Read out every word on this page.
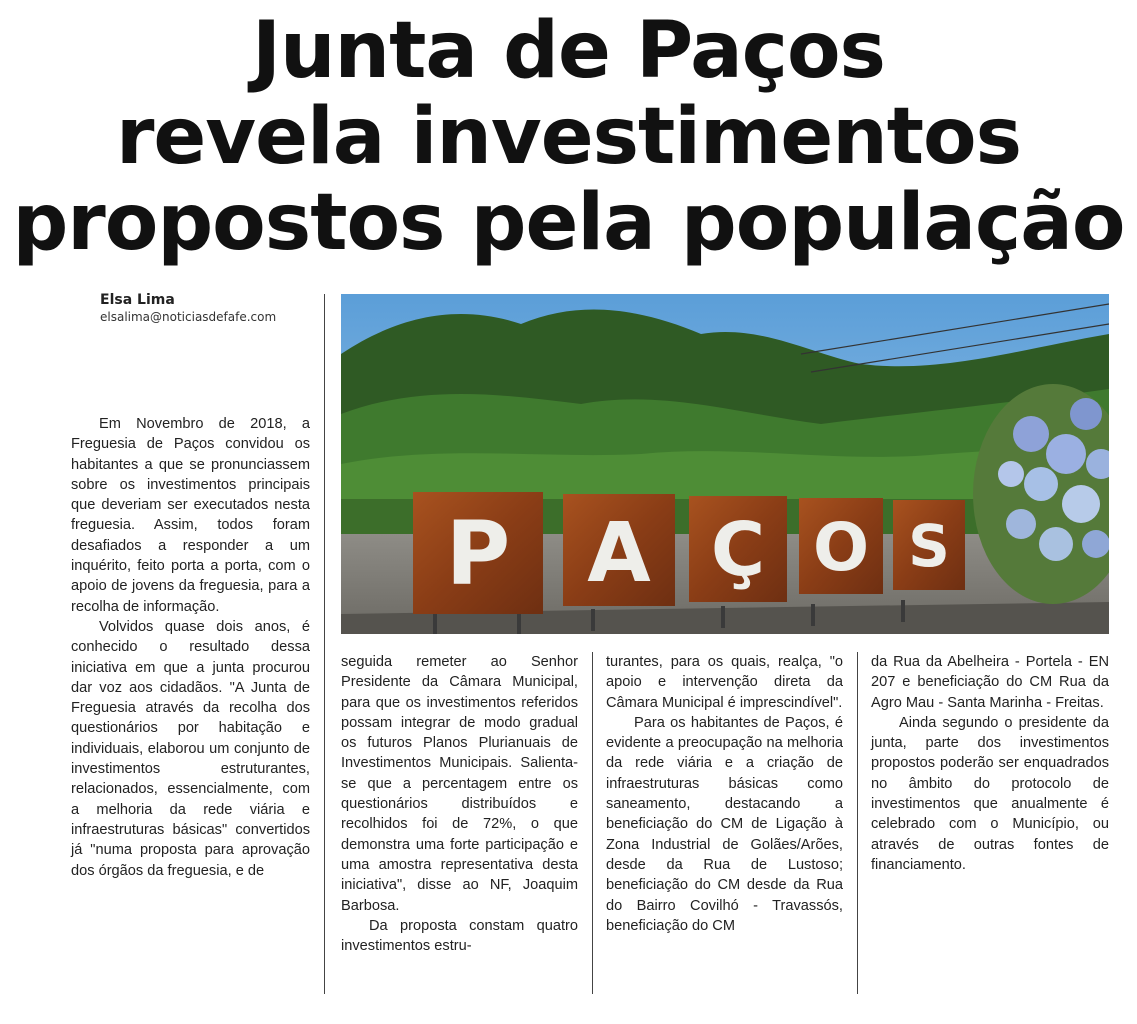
Junta de Paços
revela investimentos
propostos pela população
Elsa Lima
elsalima@noticiasdefafe.com
P A Ç O S

Em Novembro de 2018, a Freguesia de Paços convidou os habitantes a que se pronunciassem sobre os investimentos principais que deveriam ser executados nesta freguesia. Assim, todos foram desafiados a responder a um inquérito, feito porta a porta, com o apoio de jovens da freguesia, para a recolha de informação.

Volvidos quase dois anos, é conhecido o resultado dessa iniciativa em que a junta procurou dar voz aos cidadãos. "A Junta de Freguesia através da recolha dos questionários por habitação e individuais, elaborou um conjunto de investimentos estruturantes, relacionados, essencialmente, com a melhoria da rede viária e infraestruturas básicas" convertidos já "numa proposta para aprovação dos órgãos da freguesia, e de

seguida remeter ao Senhor Presidente da Câmara Municipal, para que os investimentos referidos possam integrar de modo gradual os futuros Planos Plurianuais de Investimentos Municipais. Salienta-se que a percentagem entre os questionários distribuídos e recolhidos foi de 72%, o que demonstra uma forte participação e uma amostra representativa desta iniciativa", disse ao NF, Joaquim Barbosa.

Da proposta constam quatro investimentos estru-

turantes, para os quais, realça, "o apoio e intervenção direta da Câmara Municipal é imprescindível".

Para os habitantes de Paços, é evidente a preocupação na melhoria da rede viária e a criação de infraestruturas básicas como saneamento, destacando a beneficiação do CM de Ligação à Zona Industrial de Golães/Arões, desde da Rua de Lustoso; beneficiação do CM desde da Rua do Bairro Covilhó - Travassós, beneficiação do CM

da Rua da Abelheira - Portela - EN 207 e beneficiação do CM Rua da Agro Mau - Santa Marinha - Freitas.

Ainda segundo o presidente da junta, parte dos investimentos propostos poderão ser enquadrados no âmbito do protocolo de investimentos que anualmente é celebrado com o Município, ou através de outras fontes de financiamento.
